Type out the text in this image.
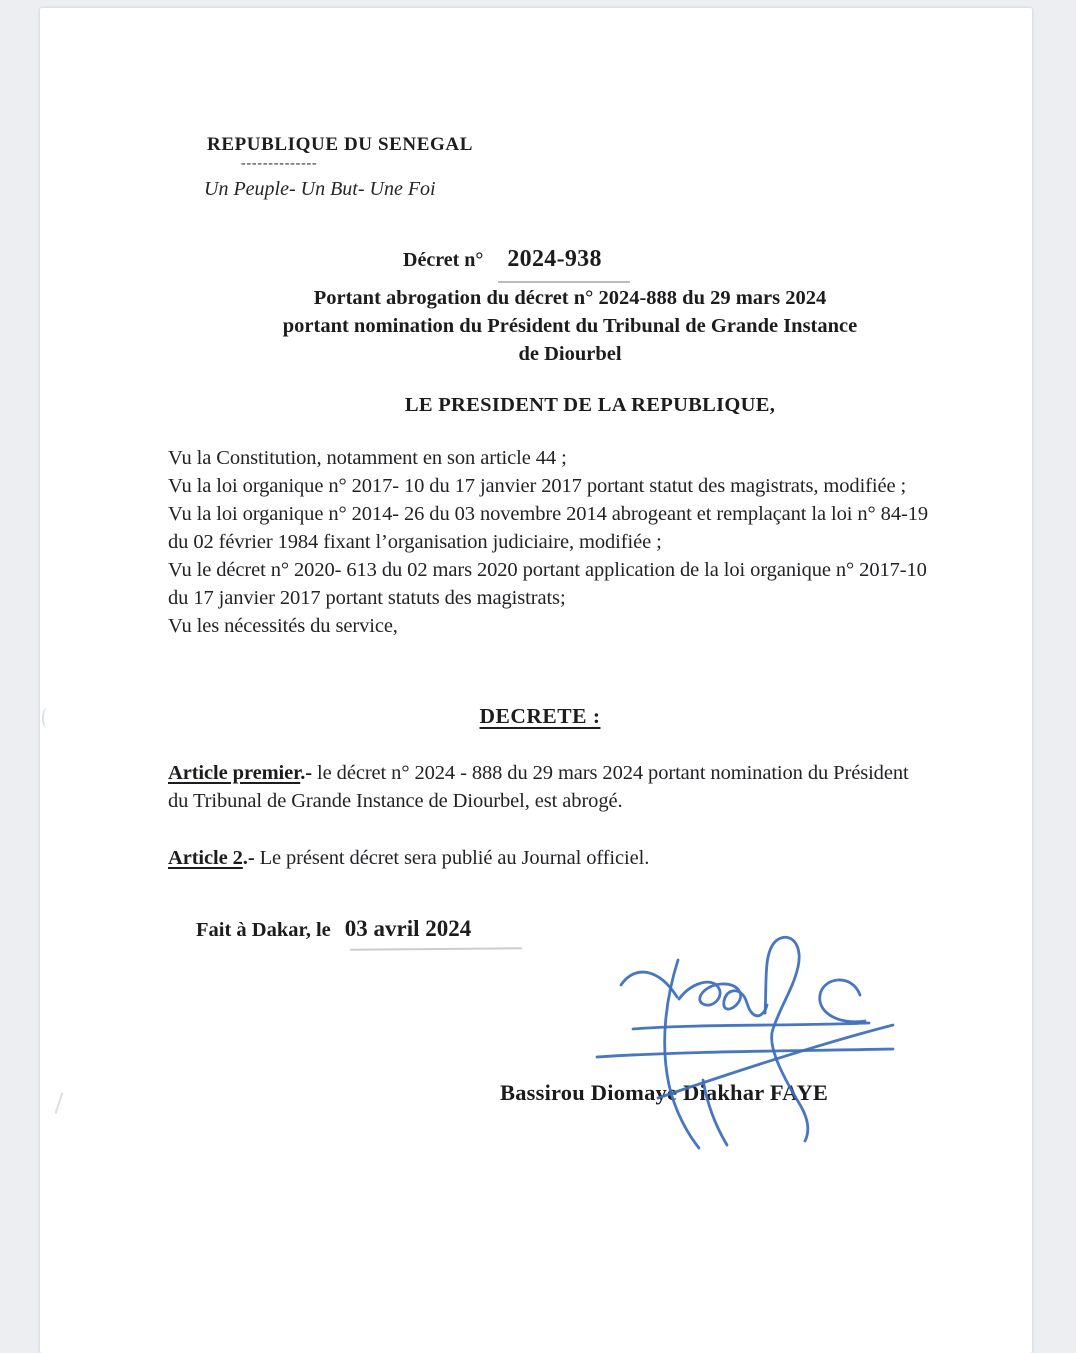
REPUBLIQUE DU SENEGAL
--------------
Un Peuple- Un But- Une Foi
Décret n° 2024-938
Portant abrogation du décret n° 2024-888 du 29 mars 2024
portant nomination du Président du Tribunal de Grande Instance
de Diourbel
LE PRESIDENT DE LA REPUBLIQUE,

Vu la Constitution, notamment en son article 44 ;

Vu la loi organique n° 2017- 10 du 17 janvier 2017 portant statut des magistrats, modifiée ;

Vu la loi organique n° 2014- 26 du 03 novembre 2014 abrogeant et remplaçant la loi n° 84-19 du 02 février 1984 fixant l’organisation judiciaire, modifiée ;

Vu le décret n° 2020- 613 du 02 mars 2020 portant application de la loi organique n° 2017-10 du 17 janvier 2017 portant statuts des magistrats;

Vu les nécessités du service,

DECRETE :

Article premier.- le décret n° 2024 - 888 du 29 mars 2024 portant nomination du Président du Tribunal de Grande Instance de Diourbel, est abrogé.

Article 2.- Le présent décret sera publié au Journal officiel.

Fait à Dakar, le 03 avril 2024
Bassirou Diomaye Diakhar FAYE
